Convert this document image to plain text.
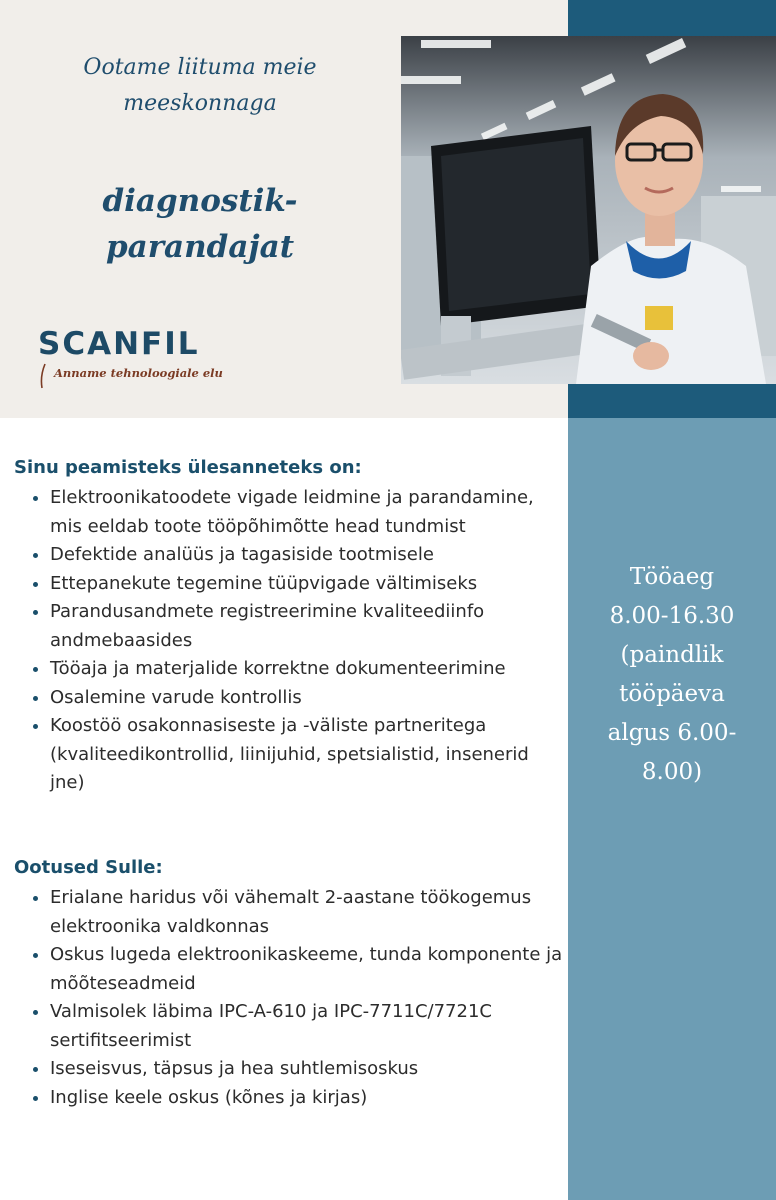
Ootame liituma meie
meeskonnaga
diagnostik-
parandajat
SCANFIL
Anname tehnoloogiale elu
Tööaeg
8.00-16.30
(paindlik
tööpäeva
algus 6.00-
8.00)
Sinu peamisteks ülesanneteks on:
• Elektroonikatoodete vigade leidmine ja parandamine, mis eeldab toote tööpõhimõtte head tundmist
• Defektide analüüs ja tagasiside tootmisele
• Ettepanekute tegemine tüüpvigade vältimiseks
• Parandusandmete registreerimine kvaliteediinfo andmebaasides
• Tööaja ja materjalide korrektne dokumenteerimine
• Osalemine varude kontrollis
• Koostöö osakonnasiseste ja -väliste partneritega (kvaliteedikontrollid, liinijuhid, spetsialistid, insenerid jne)
Ootused Sulle:
• Erialane haridus või vähemalt 2-aastane töökogemus elektroonika valdkonnas
• Oskus lugeda elektroonikaskeeme, tunda komponente ja mõõteseadmeid
• Valmisolek läbima IPC-A-610 ja IPC-7711C/7721C sertifitseerimist
• Iseseisvus, täpsus ja hea suhtlemisoskus
• Inglise keele oskus (kõnes ja kirjas)
